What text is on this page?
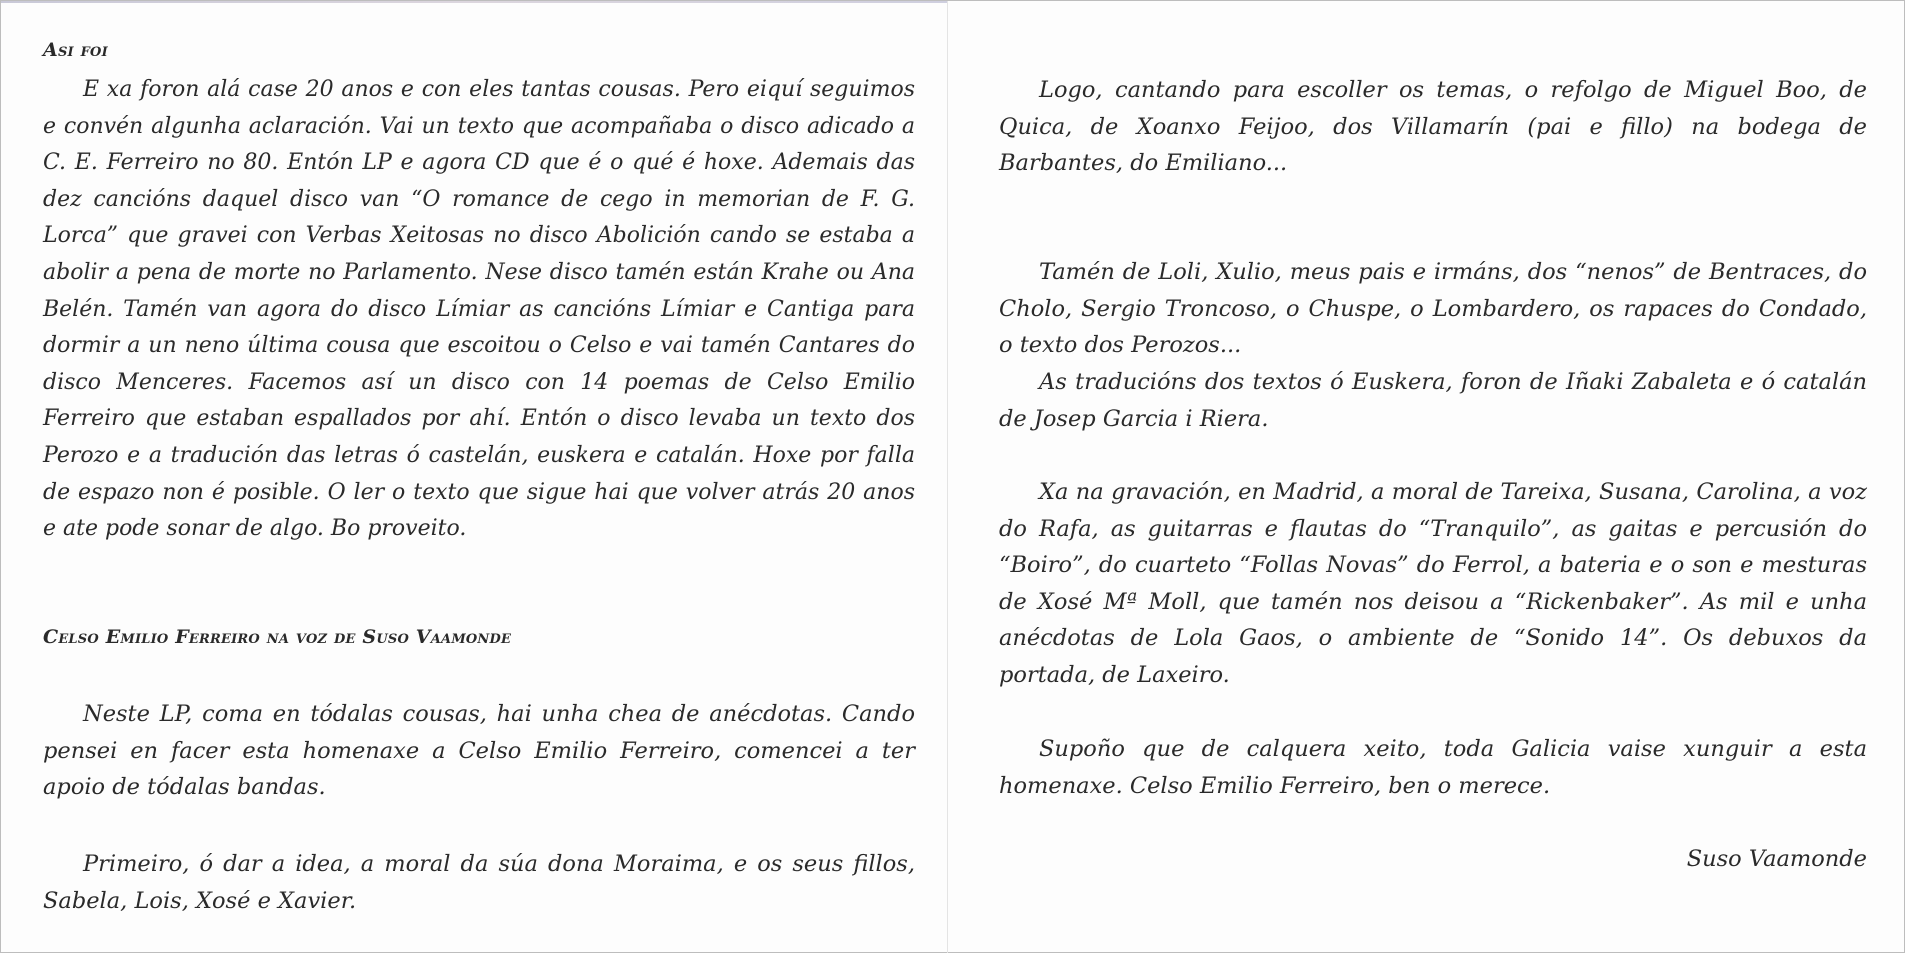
Asi foi

E xa foron alá case 20 anos e con eles tantas cousas. Pero eiquí seguimos e convén algunha aclaración. Vai un texto que acompañaba o disco adicado a C. E. Ferreiro no 80. Entón LP e agora CD que é o qué é hoxe. Ademais das dez cancións daquel disco van “O romance de cego in memorian de F. G. Lorca” que gravei con Verbas Xeitosas no disco Abolición cando se estaba a abolir a pena de morte no Parlamento. Nese disco tamén están Krahe ou Ana Belén. Tamén van agora do disco Límiar as cancións Límiar e Cantiga para dormir a un neno última cousa que escoitou o Celso e vai tamén Cantares do disco Menceres. Facemos así un disco con 14 poemas de Celso Emilio Ferreiro que estaban espallados por ahí. Entón o disco levaba un texto dos Perozo e a tradución das letras ó castelán, euskera e catalán. Hoxe por falla de espazo non é posible. O ler o texto que sigue hai que volver atrás 20 anos e ate pode sonar de algo. Bo proveito.

Celso Emilio Ferreiro na voz de Suso Vaamonde

Neste LP, coma en tódalas cousas, hai unha chea de anécdotas. Cando pensei en facer esta homenaxe a Celso Emilio Ferreiro, comencei a ter apoio de tódalas bandas.

Primeiro, ó dar a idea, a moral da súa dona Moraima, e os seus fillos, Sabela, Lois, Xosé e Xavier.

Logo, cantando para escoller os temas, o refolgo de Miguel Boo, de Quica, de Xoanxo Feijoo, dos Villamarín (pai e fillo) na bodega de Barbantes, do Emiliano...

Tamén de Loli, Xulio, meus pais e irmáns, dos “nenos” de Bentraces, do Cholo, Sergio Troncoso, o Chuspe, o Lombardero, os rapaces do Condado, o texto dos Perozos...

As traducións dos textos ó Euskera, foron de Iñaki Zabaleta e ó catalán de Josep Garcia i Riera.

Xa na gravación, en Madrid, a moral de Tareixa, Susana, Carolina, a voz do Rafa, as guitarras e flautas do “Tranquilo”, as gaitas e percusión do “Boiro”, do cuarteto “Follas Novas” do Ferrol, a bateria e o son e mesturas de Xosé Mª Moll, que tamén nos deisou a “Rickenbaker”. As mil e unha anécdotas de Lola Gaos, o ambiente de “Sonido 14”. Os debuxos da portada, de Laxeiro.

Supoño que de calquera xeito, toda Galicia vaise xunguir a esta homenaxe. Celso Emilio Ferreiro, ben o merece.

Suso Vaamonde
